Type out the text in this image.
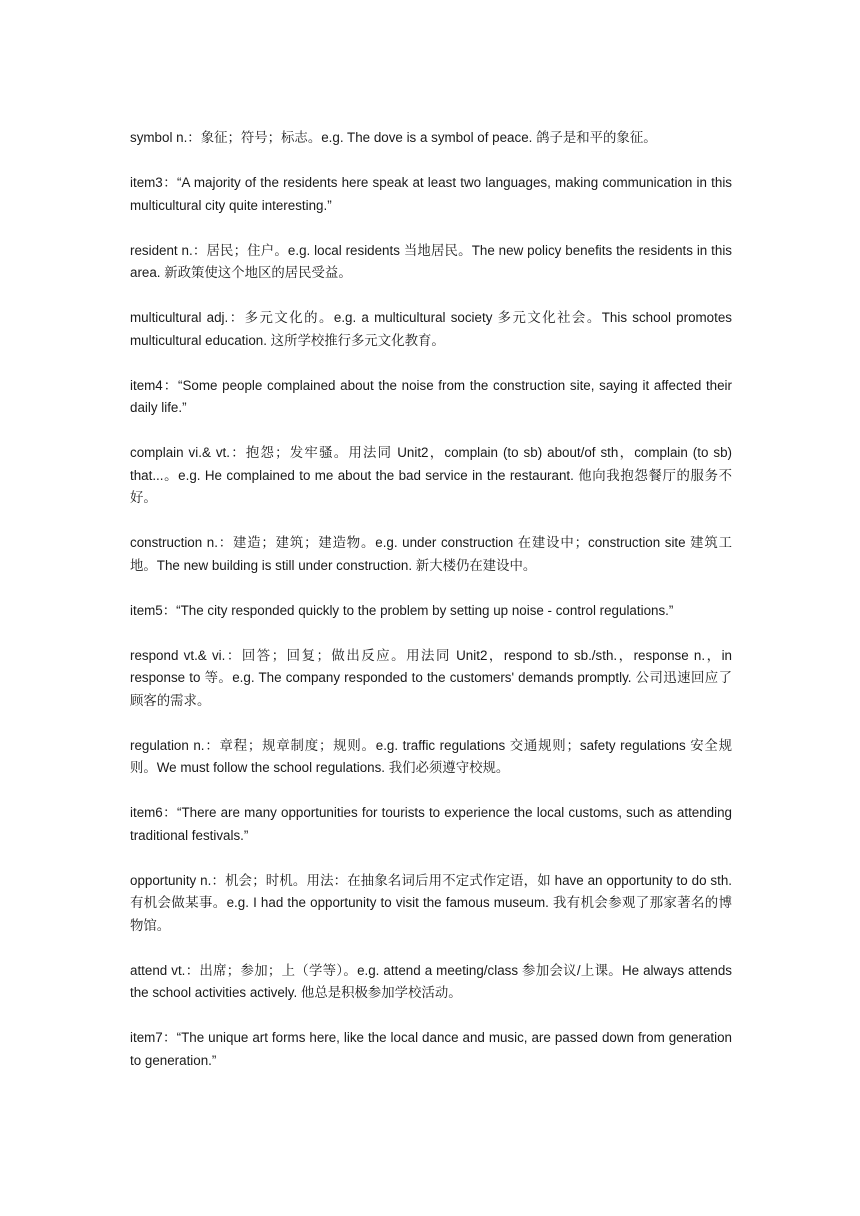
symbol n.：象征；符号；标志。e.g. The dove is a symbol of peace. 鸽子是和平的象征。

item3：“A majority of the residents here speak at least two languages, making communication in this multicultural city quite interesting.”

resident n.：居民；住户。e.g. local residents 当地居民。The new policy benefits the residents in this area. 新政策使这个地区的居民受益。

multicultural adj.：多元文化的。e.g. a multicultural society 多元文化社会。This school promotes multicultural education. 这所学校推行多元文化教育。

item4：“Some people complained about the noise from the construction site, saying it affected their daily life.”

complain vi.& vt.：抱怨；发牢骚。用法同 Unit2，complain (to sb) about/of sth，complain (to sb) that...。e.g. He complained to me about the bad service in the restaurant. 他向我抱怨餐厅的服务不好。

construction n.：建造；建筑；建造物。e.g. under construction 在建设中；construction site 建筑工地。The new building is still under construction. 新大楼仍在建设中。

item5：“The city responded quickly to the problem by setting up noise - control regulations.”

respond vt.& vi.：回答；回复；做出反应。用法同 Unit2，respond to sb./sth.，response n.，in response to 等。e.g. The company responded to the customers' demands promptly. 公司迅速回应了顾客的需求。

regulation n.：章程；规章制度；规则。e.g. traffic regulations 交通规则；safety regulations 安全规则。We must follow the school regulations. 我们必须遵守校规。

item6：“There are many opportunities for tourists to experience the local customs, such as attending traditional festivals.”

opportunity n.：机会；时机。用法：在抽象名词后用不定式作定语，如 have an opportunity to do sth. 有机会做某事。e.g. I had the opportunity to visit the famous museum. 我有机会参观了那家著名的博物馆。

attend vt.：出席；参加；上（学等）。e.g. attend a meeting/class 参加会议/上课。He always attends the school activities actively. 他总是积极参加学校活动。

item7：“The unique art forms here, like the local dance and music, are passed down from generation to generation.”
